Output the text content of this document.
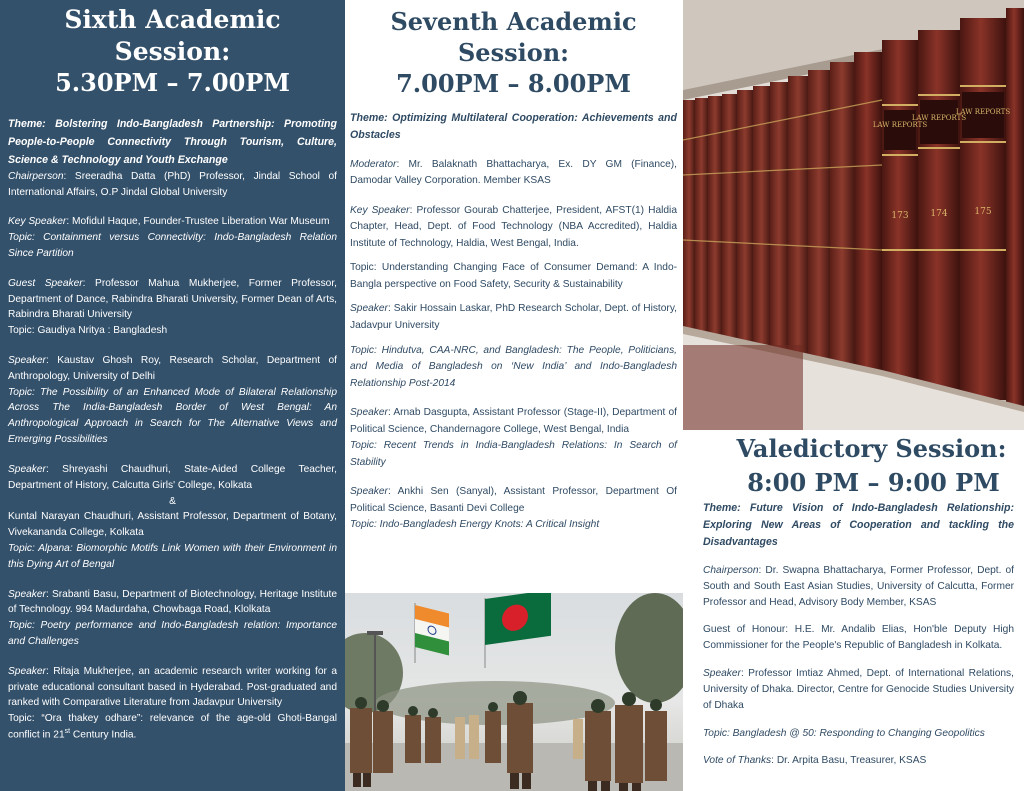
Sixth Academic Session:
5.30PM – 7.00PM

Theme: Bolstering Indo-Bangladesh Partnership: Promoting People-to-People Connectivity Through Tourism, Culture, Science & Technology and Youth Exchange

Chairperson: Sreeradha Datta (PhD) Professor, Jindal School of International Affairs, O.P Jindal Global University

Key Speaker: Mofidul Haque, Founder-Trustee Liberation War Museum

Topic: Containment versus Connectivity: Indo-Bangladesh Relation Since Partition

Guest Speaker: Professor Mahua Mukherjee, Former Professor, Department of Dance, Rabindra Bharati University, Former Dean of Arts, Rabindra Bharati University

Topic: Gaudiya Nritya : Bangladesh

Speaker: Kaustav Ghosh Roy, Research Scholar, Department of Anthropology, University of Delhi

Topic: The Possibility of an Enhanced Mode of Bilateral Relationship Across The India-Bangladesh Border of West Bengal: An Anthropological Approach in Search for The Alternative Views and Emerging Possibilities

Speaker: Shreyashi Chaudhuri, State-Aided College Teacher, Department of History, Calcutta Girls' College, Kolkata

&

Kuntal Narayan Chaudhuri, Assistant Professor, Department of Botany, Vivekananda College, Kolkata

Topic: Alpana: Biomorphic Motifs Link Women with their Environment in this Dying Art of Bengal

Speaker: Srabanti Basu, Department of Biotechnology, Heritage Institute of Technology. 994 Madurdaha, Chowbaga Road, Klolkata

Topic: Poetry performance and Indo-Bangladesh relation: Importance and Challenges

Speaker: Ritaja Mukherjee, an academic research writer working for a private educational consultant based in Hyderabad. Post-graduated and ranked with Comparative Literature from Jadavpur University

Topic: “Ora thakey odhare”: relevance of the age-old Ghoti-Bangal conflict in 21st Century India.

Seventh Academic Session:
7.00PM – 8.00PM

Theme: Optimizing Multilateral Cooperation: Achievements and Obstacles

Moderator: Mr. Balaknath Bhattacharya, Ex. DY GM (Finance), Damodar Valley Corporation. Member KSAS

Key Speaker: Professor Gourab Chatterjee, President, AFST(1) Haldia Chapter, Head, Dept. of Food Technology (NBA Accredited), Haldia Institute of Technology, Haldia, West Bengal, India.

Topic: Understanding Changing Face of Consumer Demand: A Indo-Bangla perspective on Food Safety, Security & Sustainability

Speaker: Sakir Hossain Laskar, PhD Research Scholar, Dept. of History, Jadavpur University

Topic: Hindutva, CAA-NRC, and Bangladesh: The People, Politicians, and Media of Bangladesh on ‘New India’ and Indo-Bangladesh Relationship Post-2014

Speaker: Arnab Dasgupta, Assistant Professor (Stage-II), Department of Political Science, Chandernagore College, West Bengal, India

Topic: Recent Trends in India-Bangladesh Relations: In Search of Stability

Speaker: Ankhi Sen (Sanyal), Assistant Professor, Department Of Political Science, Basanti Devi College

Topic: Indo-Bangladesh Energy Knots: A Critical Insight

LAW REPORTS
LAW REPORTS
LAW REPORTS
173 174	175
Valedictory Session:
8:00 PM – 9:00 PM

Theme: Future Vision of Indo-Bangladesh Relationship: Exploring New Areas of Cooperation and tackling the Disadvantages

Chairperson: Dr. Swapna Bhattacharya, Former Professor, Dept. of South and South East Asian Studies, University of Calcutta, Former Professor and Head, Advisory Body Member, KSAS

Guest of Honour: H.E. Mr. Andalib Elias, Hon'ble Deputy High Commissioner for the People's Republic of Bangladesh in Kolkata.

Speaker: Professor Imtiaz Ahmed, Dept. of International Relations, University of Dhaka. Director, Centre for Genocide Studies University of Dhaka

Topic: Bangladesh @ 50: Responding to Changing Geopolitics

Vote of Thanks: Dr. Arpita Basu, Treasurer, KSAS
